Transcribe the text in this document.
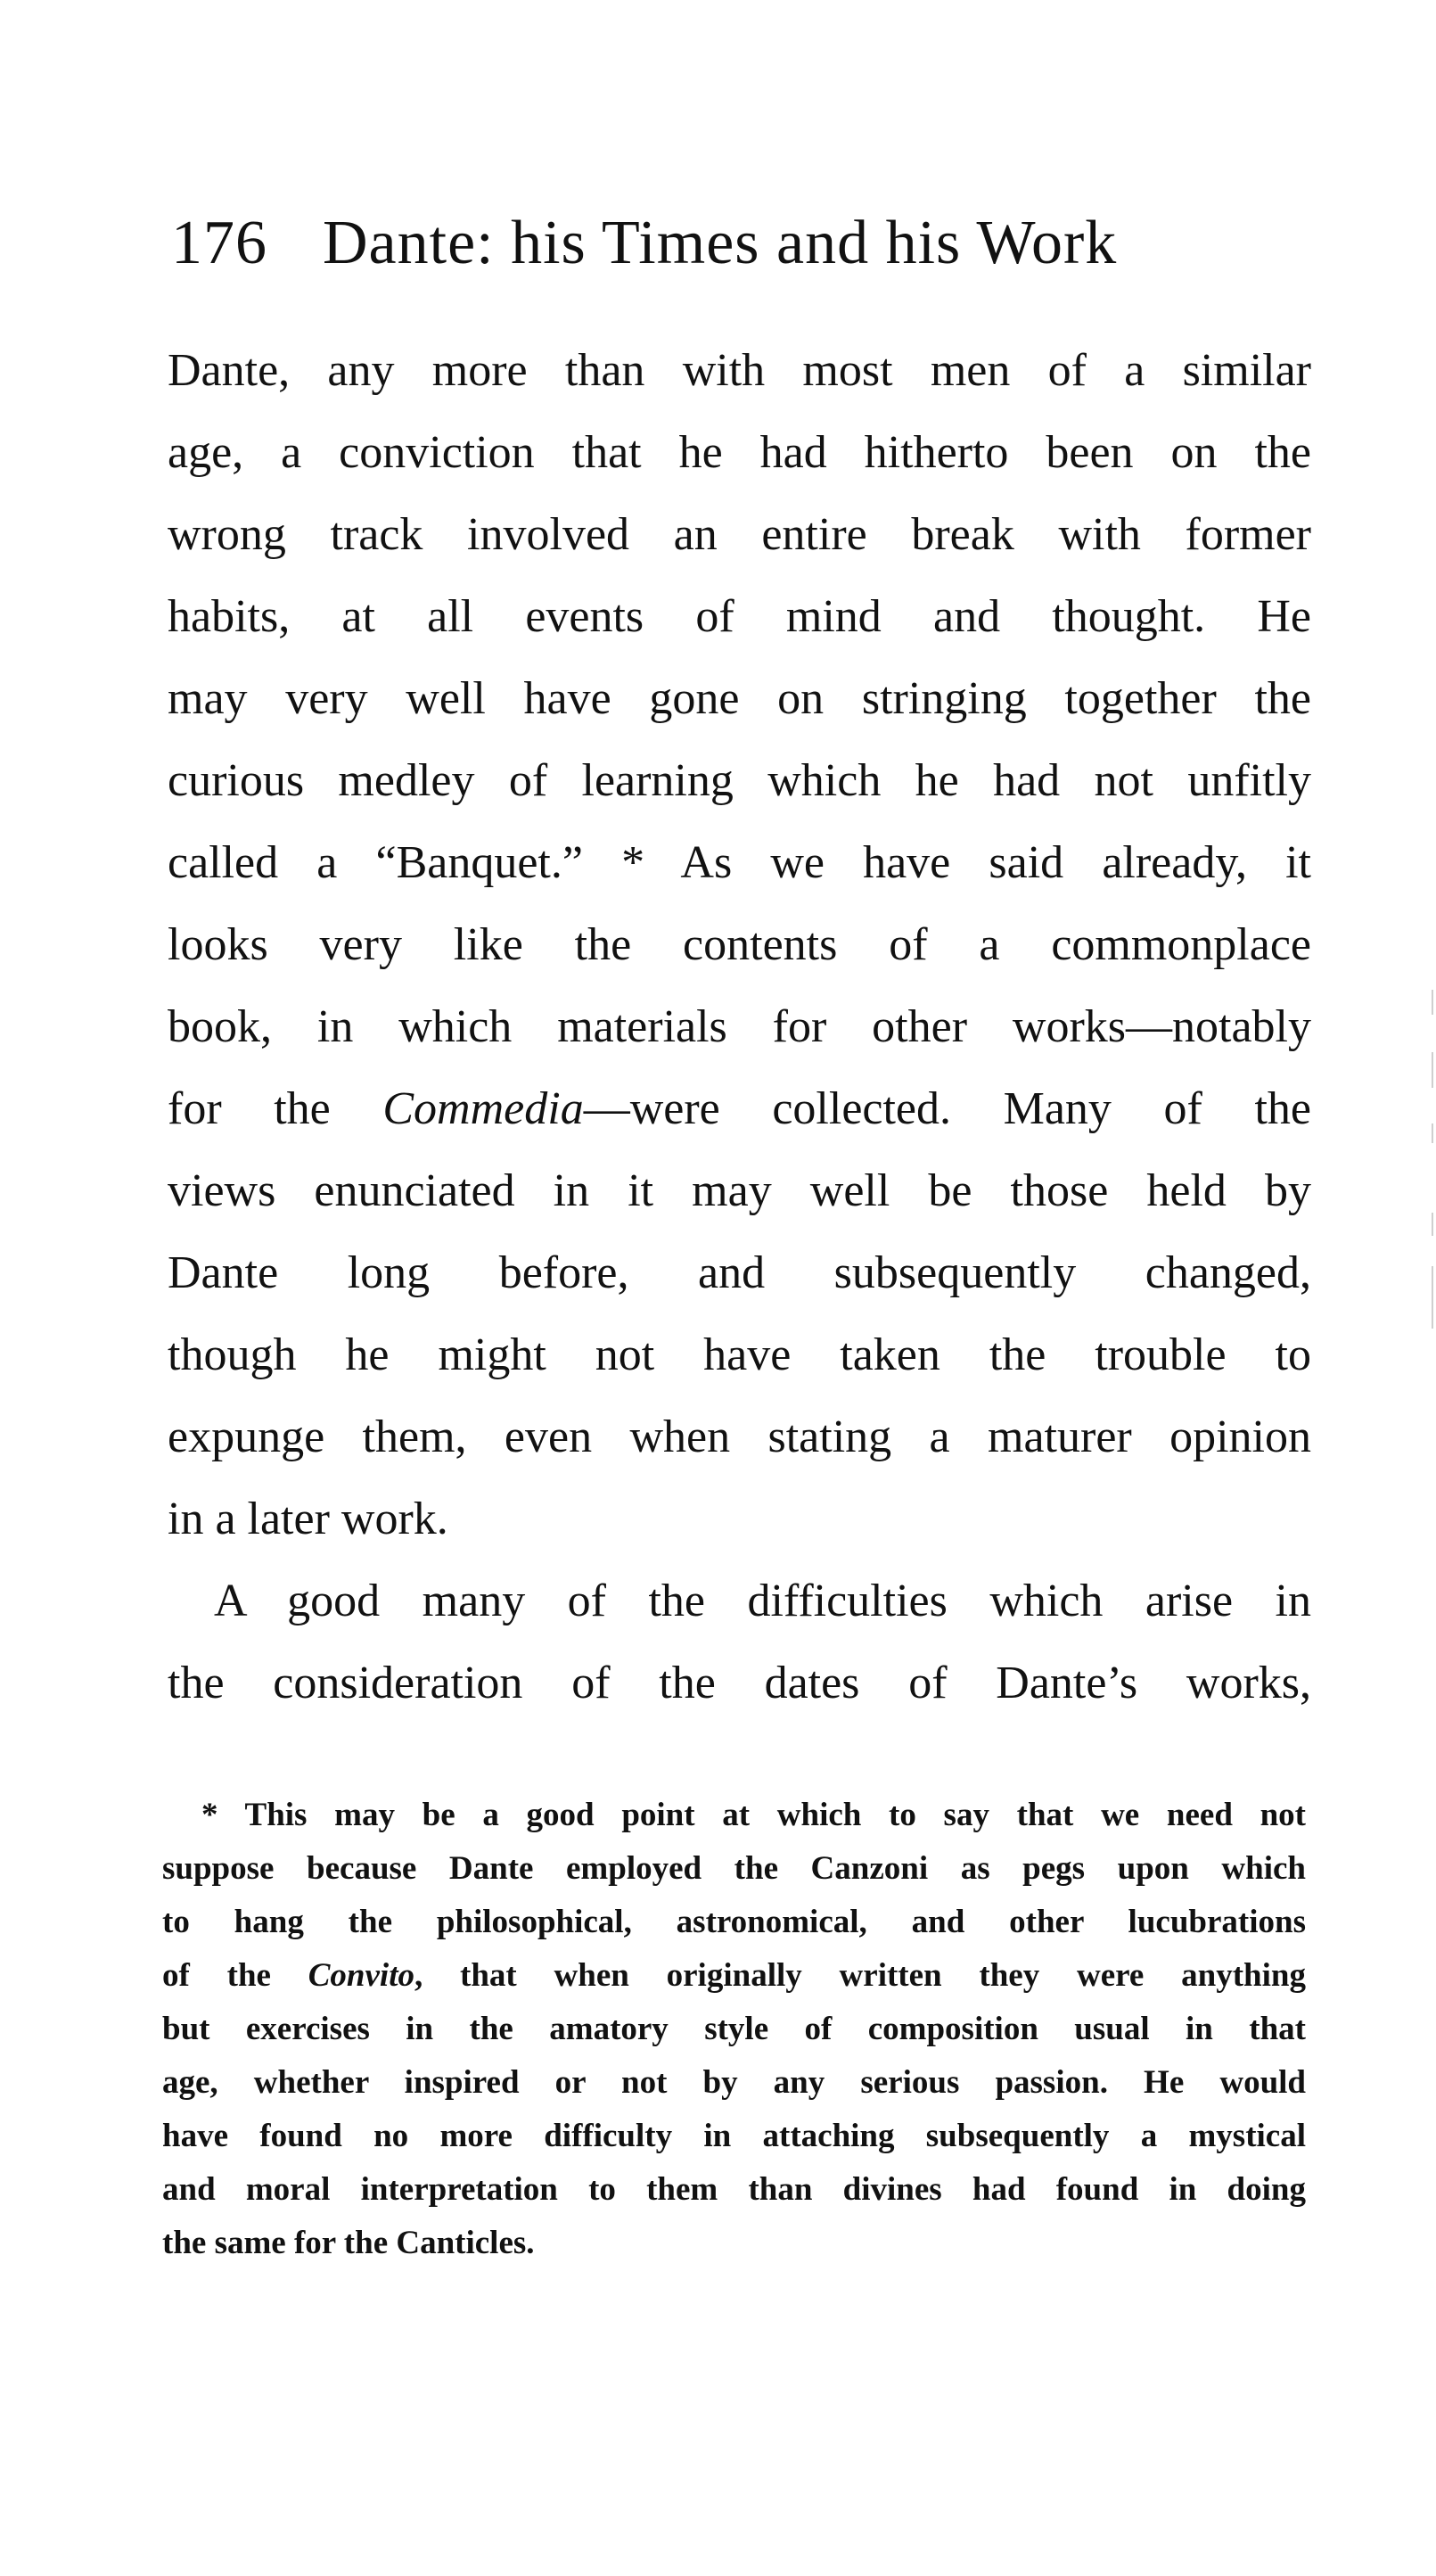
176 Dante: his Times and his Work
Dante, any more than with most men of a similar
age, a conviction that he had hitherto been on the
wrong track involved an entire break with former
habits, at all events of mind and thought. He
may very well have gone on stringing together the
curious medley of learning which he had not unfitly
called a “Banquet.” * As we have said already, it
looks very like the contents of a commonplace
book, in which materials for other works—notably
for the Commedia—were collected. Many of the
views enunciated in it may well be those held by
Dante long before, and subsequently changed,
though he might not have taken the trouble to
expunge them, even when stating a maturer opinion
in a later work.
A good many of the difficulties which arise in
the consideration of the dates of Dante’s works,
* This may be a good point at which to say that we need not
suppose because Dante employed the Canzoni as pegs upon which
to hang the philosophical, astronomical, and other lucubrations
of the Convito, that when originally written they were anything
but exercises in the amatory style of composition usual in that
age, whether inspired or not by any serious passion. He would
have found no more difficulty in attaching subsequently a mystical
and moral interpretation to them than divines had found in doing
the same for the Canticles.
